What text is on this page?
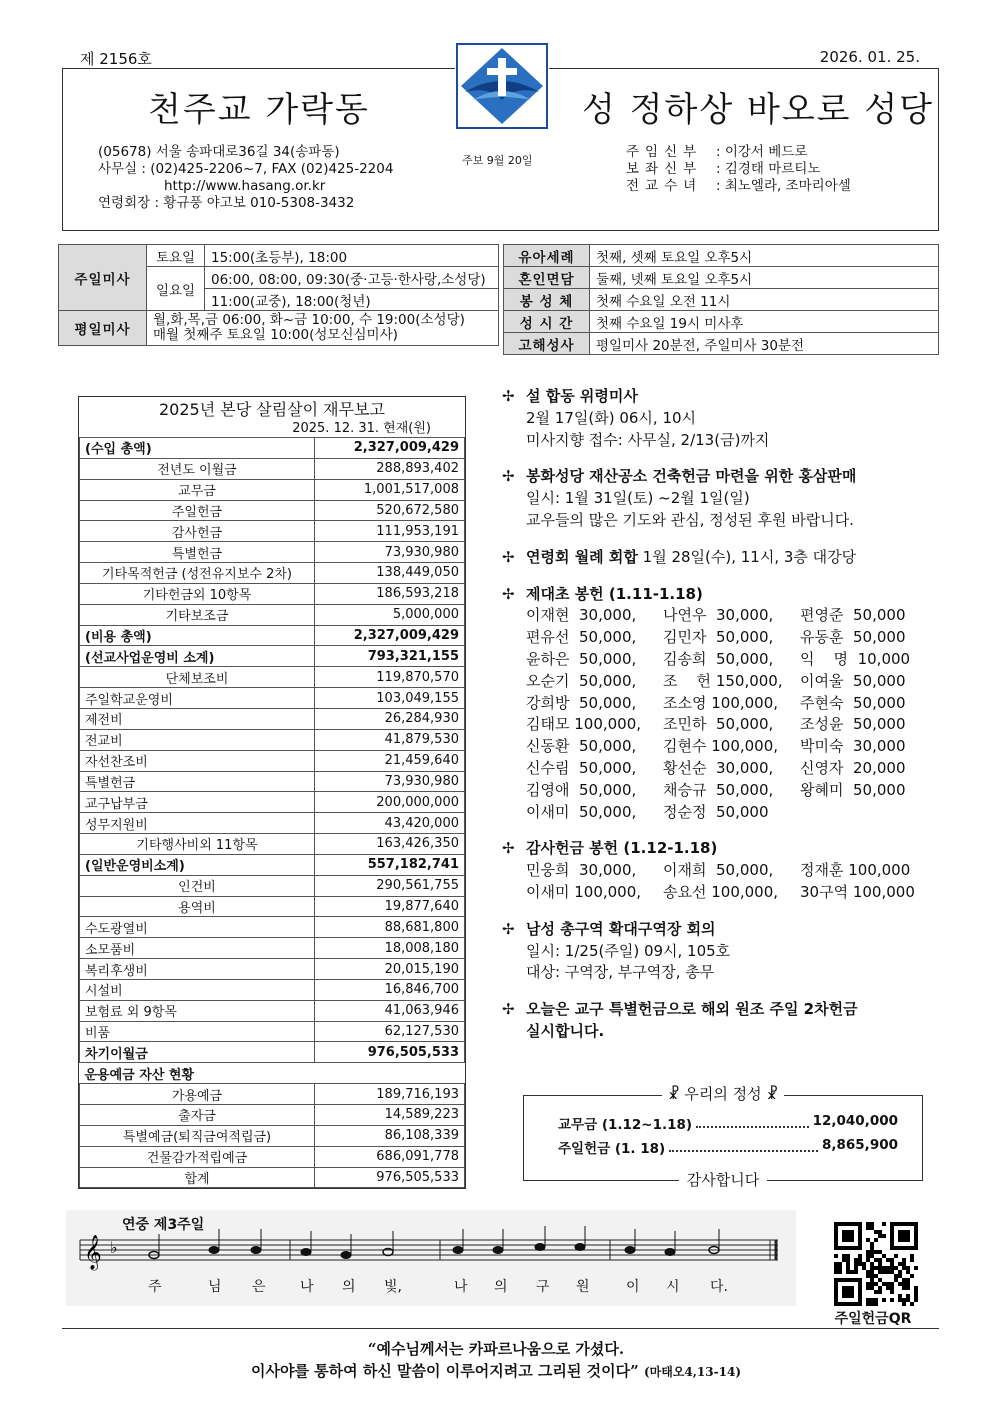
제 2156호	2026. 01. 25.
천주교 가락동	성 정하상 바오로 성당
(05678) 서울 송파대로36길 34(송파동)
사무실 : (02)425-2206~7, FAX (02)425-2204
http://www.hasang.or.kr
연령회장 : 황규풍 야고보 010-5308-3432
주보 9월 20일
주임신부	: 이강서 베드로
보좌신부	: 김경태 마르티노
전교수녀	: 최노엘라, 조마리아셀
주일미사	토요일	15:00(초등부), 18:00
	일요일	06:00, 08:00, 09:30(중·고등·한사랑,소성당)
		11:00(교중), 18:00(청년)
평일미사	월,화,목,금 06:00, 화~금 10:00, 수 19:00(소성당)
매월 첫째주 토요일 10:00(성모신심미사)	
유아세례	첫째, 셋째 토요일 오후5시
혼인면담	둘째, 넷째 토요일 오후5시
봉 성 체	첫째 수요일 오전 11시
성 시 간	첫째 수요일 19시 미사후
고해성사	평일미사 20분전, 주일미사 30분전
2025년 본당 살림살이 재무보고
2025. 12. 31. 현재(원)
(수입 총액)	2,327,009,429
전년도 이월금	288,893,402
교무금	1,001,517,008
주일헌금	520,672,580
감사헌금	111,953,191
특별헌금	73,930,980
기타목적헌금 (성전유지보수 2차)	138,449,050
기타헌금외 10항목	186,593,218
기타보조금	5,000,000
(비용 총액)	2,327,009,429
(선교사업운영비 소계)	793,321,155
단체보조비	119,870,570
주일학교운영비	103,049,155
제전비	26,284,930
전교비	41,879,530
자선찬조비	21,459,640
특별헌금	73,930,980
교구납부금	200,000,000
성무지원비	43,420,000
기타행사비외 11항목	163,426,350
(일반운영비소계)	557,182,741
인건비	290,561,755
용역비	19,877,640
수도광열비	88,681,800
소모품비	18,008,180
복리후생비	20,015,190
시설비	16,846,700
보험료 외 9항목	41,063,946
비품	62,127,530
차기이월금	976,505,533
운용예금 자산 현황	
가용예금	189,716,193
출자금	14,589,223
특별예금(퇴직금여적립금)	86,108,339
건물감가적립예금	686,091,778
합계	976,505,533
✢ 설 합동 위령미사
2월 17일(화) 06시, 10시
미사지향 접수: 사무실, 2/13(금)까지
✢ 봉화성당 재산공소 건축헌금 마련을 위한 홍삼판매
일시: 1월 31일(토) ~2월 1일(일)
교우들의 많은 기도와 관심, 정성된 후원 바랍니다.
✢ 연령회 월례 회합 1월 28일(수), 11시, 3층 대강당
✢ 제대초 봉헌 (1.11-1.18)
이재현  30,000,	나연우  30,000,	편영준  50,000
편유선  50,000,	김민자  50,000,	유동훈  50,000
윤하은  50,000,	김송희  50,000,	익    명  10,000
오순기  50,000,	조    헌 150,000,	이여울  50,000
강희방  50,000,	조소영 100,000,	주현숙  50,000
김태모 100,000,	조민하  50,000,	조성윤  50,000
신동환  50,000,	김현수 100,000,	박미숙  30,000
신수림  50,000,	황선순  30,000,	신영자  20,000
김영애  50,000,	채승규  50,000,	왕혜미  50,000
이새미  50,000,	정순정  50,000
✢ 감사헌금 봉헌 (1.12-1.18)
민웅희  30,000,	이재희  50,000,	정재훈 100,000
이새미 100,000,	송요선 100,000,	30구역 100,000
✢ 남성 총구역 확대구역장 회의
일시: 1/25(주일) 09시, 105호
대상: 구역장, 부구역장, 총무
✢ 오늘은 교구 특별헌금으로 해외 원조 주일 2차헌금
실시합니다.
☧ 우리의 정성 ☧
교무금 (1.12~1.18)	12,040,000
주일헌금 (1. 18)	8,865,900
감사합니다
연중 제3주일
𝄞 ♭
주	님 은 나 의 빛,	나 의 구 원	이 시 다.
주일헌금QR
“예수님께서는 카파르나움으로 가셨다.
이사야를 통하여 하신 말씀이 이루어지려고 그리된 것이다” (마태오4,13-14)
